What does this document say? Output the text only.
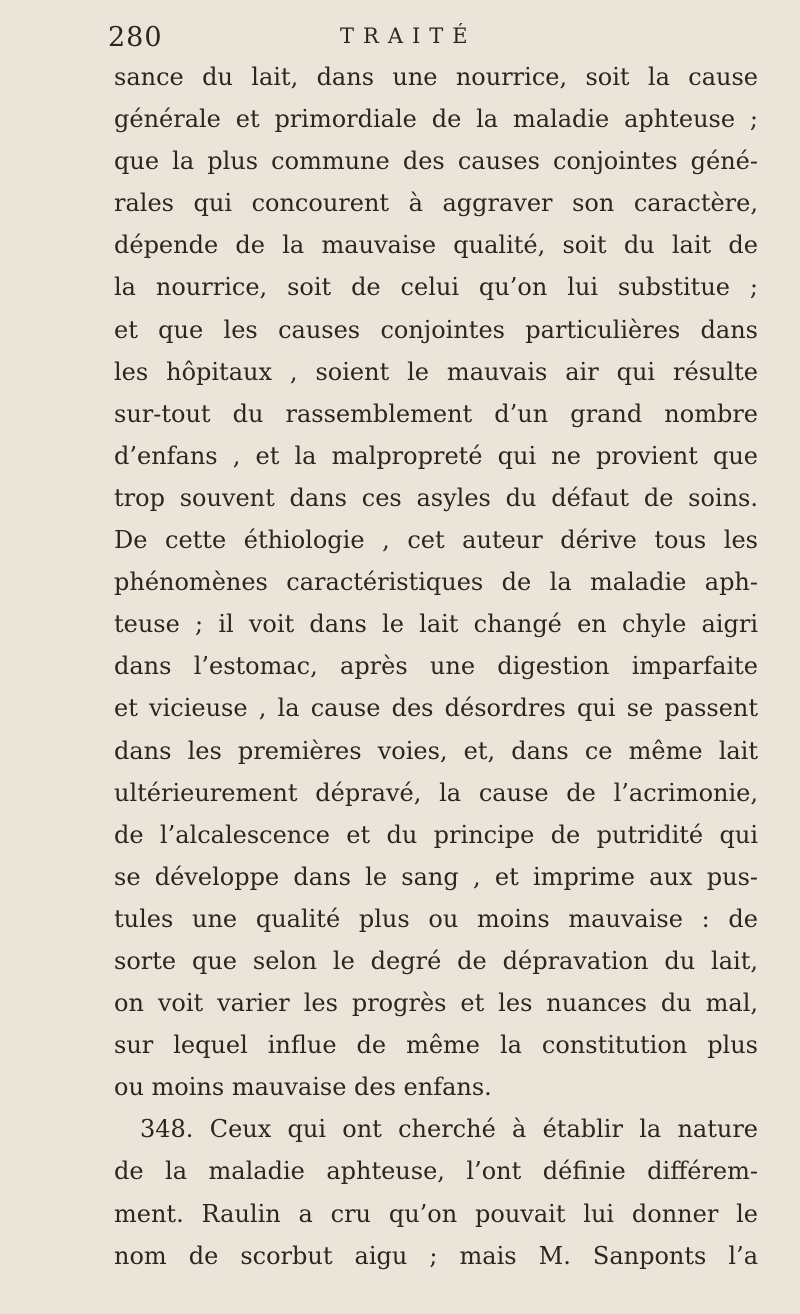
280	TRAITÉ
sance du lait, dans une nourrice, soit la cause
générale et primordiale de la maladie aphteuse ;
que la plus commune des causes conjointes géné-
rales qui concourent à aggraver son caractère,
dépende de la mauvaise qualité, soit du lait de
la nourrice, soit de celui qu’on lui substitue ;
et que les causes conjointes particulières dans
les hôpitaux , soient le mauvais air qui résulte
sur-tout du rassemblement d’un grand nombre
d’enfans , et la malpropreté qui ne provient que
trop souvent dans ces asyles du défaut de soins.
De cette éthiologie , cet auteur dérive tous les
phénomènes caractéristiques de la maladie aph-
teuse ; il voit dans le lait changé en chyle aigri
dans l’estomac, après une digestion imparfaite
et vicieuse , la cause des désordres qui se passent
dans les premières voies, et, dans ce même lait
ultérieurement dépravé, la cause de l’acrimonie,
de l’alcalescence et du principe de putridité qui
se développe dans le sang , et imprime aux pus-
tules une qualité plus ou moins mauvaise : de
sorte que selon le degré de dépravation du lait,
on voit varier les progrès et les nuances du mal,
sur lequel influe de même la constitution plus
ou moins mauvaise des enfans.
348. Ceux qui ont cherché à établir la nature
de la maladie aphteuse, l’ont définie différem-
ment. Raulin a cru qu’on pouvait lui donner le
nom de scorbut aigu ; mais M. Sanponts l’a
